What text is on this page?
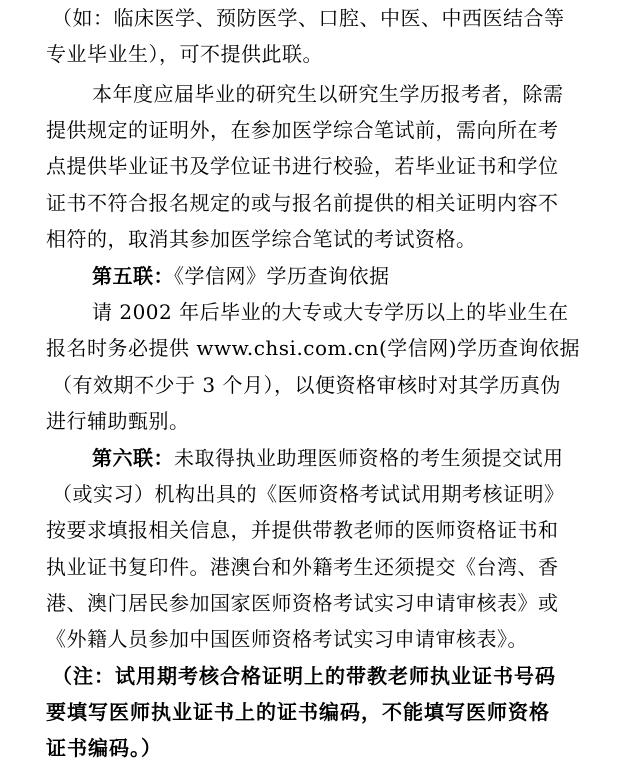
（如：临床医学、预防医学、口腔、中医、中西医结合等
专业毕业生），可不提供此联。
本年度应届毕业的研究生以研究生学历报考者，除需
提供规定的证明外，在参加医学综合笔试前，需向所在考
点提供毕业证书及学位证书进行校验，若毕业证书和学位
证书不符合报名规定的或与报名前提供的相关证明内容不
相符的，取消其参加医学综合笔试的考试资格。
第五联：《学信网》学历查询依据
请 2002 年后毕业的大专或大专学历以上的毕业生在
报名时务必提供 www.chsi.com.cn(学信网)学历查询依据
（有效期不少于 3 个月），以便资格审核时对其学历真伪
进行辅助甄别。
第六联：未取得执业助理医师资格的考生须提交试用
（或实习）机构出具的《医师资格考试试用期考核证明》
按要求填报相关信息，并提供带教老师的医师资格证书和
执业证书复印件。港澳台和外籍考生还须提交《台湾、香
港、澳门居民参加国家医师资格考试实习申请审核表》或
《外籍人员参加中国医师资格考试实习申请审核表》。
（注：试用期考核合格证明上的带教老师执业证书号码
要填写医师执业证书上的证书编码，不能填写医师资格
证书编码。）
